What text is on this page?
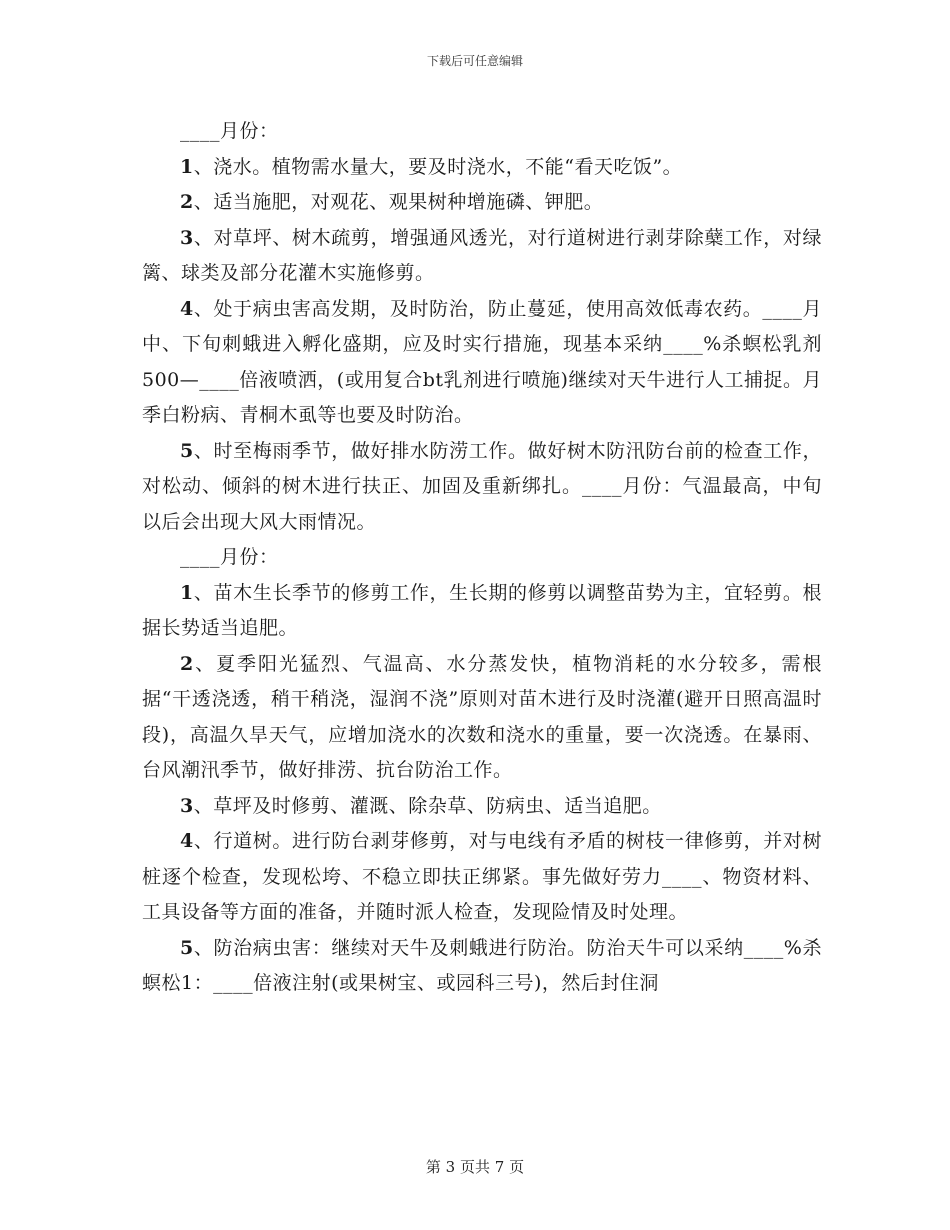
下载后可任意编辑

____月份：

1、浇水。植物需水量大，要及时浇水，不能“看天吃饭”。

2、适当施肥，对观花、观果树种增施磷、钾肥。

3、对草坪、树木疏剪，增强通风透光，对行道树进行剥芽除蘖工作，对绿篱、球类及部分花灌木实施修剪。

4、处于病虫害高发期，及时防治，防止蔓延，使用高效低毒农药。____月中、下旬刺蛾进入孵化盛期，应及时实行措施，现基本采纳____%杀螟松乳剂500—____倍液喷洒，(或用复合bt乳剂进行喷施)继续对天牛进行人工捕捉。月季白粉病、青桐木虱等也要及时防治。

5、时至梅雨季节，做好排水防涝工作。做好树木防汛防台前的检查工作，对松动、倾斜的树木进行扶正、加固及重新绑扎。____月份：气温最高，中旬以后会出现大风大雨情况。

____月份：

1、苗木生长季节的修剪工作，生长期的修剪以调整苗势为主，宜轻剪。根据长势适当追肥。

2、夏季阳光猛烈、气温高、水分蒸发快，植物消耗的水分较多，需根据“干透浇透，稍干稍浇，湿润不浇”原则对苗木进行及时浇灌(避开日照高温时段)，高温久旱天气，应增加浇水的次数和浇水的重量，要一次浇透。在暴雨、台风潮汛季节，做好排涝、抗台防治工作。

3、草坪及时修剪、灌溉、除杂草、防病虫、适当追肥。

4、行道树。进行防台剥芽修剪，对与电线有矛盾的树枝一律修剪，并对树桩逐个检查，发现松垮、不稳立即扶正绑紧。事先做好劳力____、物资材料、工具设备等方面的准备，并随时派人检查，发现险情及时处理。

5、防治病虫害：继续对天牛及刺蛾进行防治。防治天牛可以采纳____%杀螟松1：____倍液注射(或果树宝、或园科三号)，然后封住洞

第 3 页共 7 页
